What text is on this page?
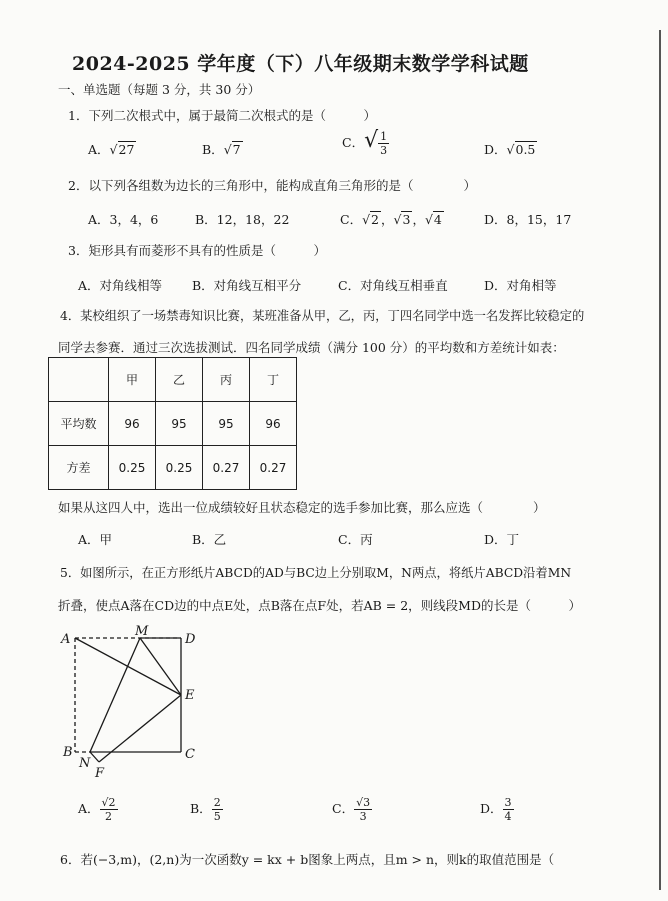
2024-2025 学年度（下）八年级期末数学学科试题
一、单选题（每题 3 分，共 30 分）
1．下列二次根式中，属于最简二次根式的是（　　　）
A．√27	B．√7	C．√ $\frac{1}{3}$	D．√0.5
2．以下列各组数为边长的三角形中，能构成直角三角形的是（　　　　）
A．3，4，6	B．12，18，22	C．√2 ，√3 ，√4	D．8，15，17
3．矩形具有而菱形不具有的性质是（　　　）
A．对角线相等 B．对角线互相平分	C．对角线互相垂直	D．对角相等
4．某校组织了一场禁毒知识比赛，某班准备从甲，乙，丙，丁四名同学中选一名发挥比较稳定的
同学去参赛．通过三次选拔测试．四名同学成绩（满分 100 分）的平均数和方差统计如表：
	甲	乙	丙	丁
平均数	96	95	95	96
方差	0.25	0.25	0.27	0.27
如果从这四人中，选出一位成绩较好且状态稳定的选手参加比赛，那么应选（　　　　）
A．甲	B．乙	C．丙	D．丁
5．如图所示，在正方形纸片ABCD的AD与BC边上分别取M，N两点，将纸片ABCD沿着MN
折叠，使点A落在CD边的中点E处，点B落在点F处，若AB = 2，则线段MD的长是（　　　）
A
M
D
E
B
N
C
F
A． $\frac{√2}{2}$	B． $\frac{2}{5}$	C． $\frac{√3}{3}$	D． $\frac{3}{4}$
6．若(−3,m)，(2,n)为一次函数y = kx + b图象上两点，且m > n，则k的取值范围是（
